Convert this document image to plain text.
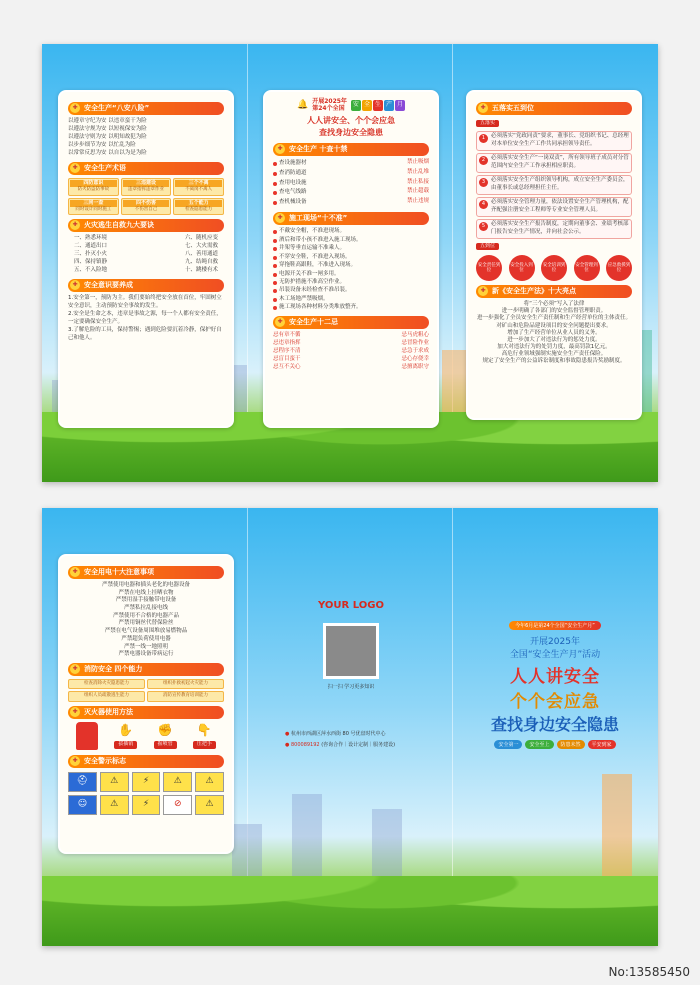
✚ 安全生产“八安八险”
以遵章守纪为安 以违章蛮干为险
以遵法守规为安 以短视保安为险
以遵法守则为安 以明知故犯为险
以步步细节为安 以忙乱为险
以常常反思为安 以自以为是为险
✚ 安全生产术语
四防意识
防火防盗防事故
三违建设
违章指挥违章作业
三个不离
不离岗不离人
三同一查
同时设计同时施工
四不伤害
不伤害自己
五个能力
检查隐患能力
✚ 火灾逃生自救九大要诀
一、熟悉环境	六、随机应变
二、通道出口	七、大火需救
三、扑灭小火	八、善用通道
四、保持镇静	九、结绳自救
五、不入险地	十、跳楼有术
✚ 安全意识要养成
1.安全第一，预防为主。我们要始终把安全放在首位，牢固树立安全意识，主动预防安全事故的发生。
2.安全是生命之本，违章是事故之源，每一个人都有安全责任，一定要确保安全生产。
3.了解危险的工具，保持警惕；遇到危险要沉着冷静，保护好自己和他人。
🔔 开展2025年
第24个全国
安 全 生 产 月
人人讲安全、个个会应急
查找身边安全隐患
✚ 安全生产 十查十禁
查设施器材	禁止吸烟
查消防通道	禁止乱堆
查用电设施	禁止私接
查电气线路	禁止超载
查机械设备	禁止违规
✚ 施工现场“十不准”
不戴安全帽，不准进现场。
酒后和带小孩不准进入施工现场。
井架等垂直运输不准乘人。
不穿安全鞋，不准进入现场。
穿拖鞋高跟鞋，不准进入现场。
电源开关不准一闸多用。
无防护措施不准高空作业。
吊装设备未经检查不准吊装。
木工场地严禁吸烟。
施工现场各种材料分类堆放整齐。
✚ 安全生产十二忌
忌有章不循	忌马虎粗心
忌违章指挥	忌冒险作业
忌程序不清	忌急于求成
忌盲目蛮干	忌心存侥幸
忌互不关心	忌擅离职守
✚ 五落实五到位
五落实
1	必须落实“党政同责”要求，董事长、党组织书记、总经理对本单位安全生产工作共同承担领导责任。
2	必须落实安全生产“一岗双责”，所有领导班子成员对分管范围内安全生产工作承担相应职责。
3	必须落实安全生产组织领导机构，成立安全生产委员会，由董事长或总经理担任主任。
4	必须落实安全管理力量，依法设置安全生产管理机构，配齐配强注册安全工程师等专业安全管理人员。
5	必须落实安全生产报告制度，定期向董事会、业绩考核部门报告安全生产情况，并向社会公示。
五到位
安全责任到位
安全投入到位
安全培训到位
安全管理到位
应急救援到位
✚ 新《安全生产法》十大亮点
将“三个必须”写入了法律
进一步明确了各部门的安全监督管理职责。
进一步强化了全员安全生产责任制和生产经营单位的主体责任。
对矿山和危险品建设项目的安全问题提出要求。
增加了生产经营单位从业人员的义务。
进一步加大了对违法行为的惩处力度。
加大对违法行为的处罚力度，最高罚款1亿元。
高危行业领域强制实施安全生产责任保险。
规定了安全生产的公益诉讼制度和事故隐患报告奖励制度。
✚ 安全用电十大注意事项
严禁使用电器和插头老化的电器设备
严禁在电线上挂晒衣物
严禁用湿手接触带电设备
严禁私拉乱接电线
严禁使用不合格的电器产品
严禁用铜丝代替保险丝
严禁在电气设备周围堆放易燃物品
严禁超负荷使用电器
严禁一线一地照明
严禁电器设备带病运行
✚ 消防安全 四个能力
检查消除火灾隐患能力	组织扑救初起火灾能力
组织人员疏散逃生能力	消防宣传教育培训能力
✚ 灭火器使用方法
✋
拔插销
✊
握喷管
👇
压把手
✚ 安全警示标志
⛑	⚠	⚡	⚠	⚠
☺	⚠	⚡	⊘	⚠
YOUR LOGO
扫一扫 学习更多知识
● 杭州市西湖区萍水西街 80 号优盘时代中心
● 800089192 (咨询合作｜设计定制｜服务建设)
今年6月是第24个全国“安全生产月”
开展2025年
全国“安全生产月”活动
人人讲安全
个个会应急
查找身边安全隐患
安全第一	安全至上	防患未然	平安到家
No:13585450
